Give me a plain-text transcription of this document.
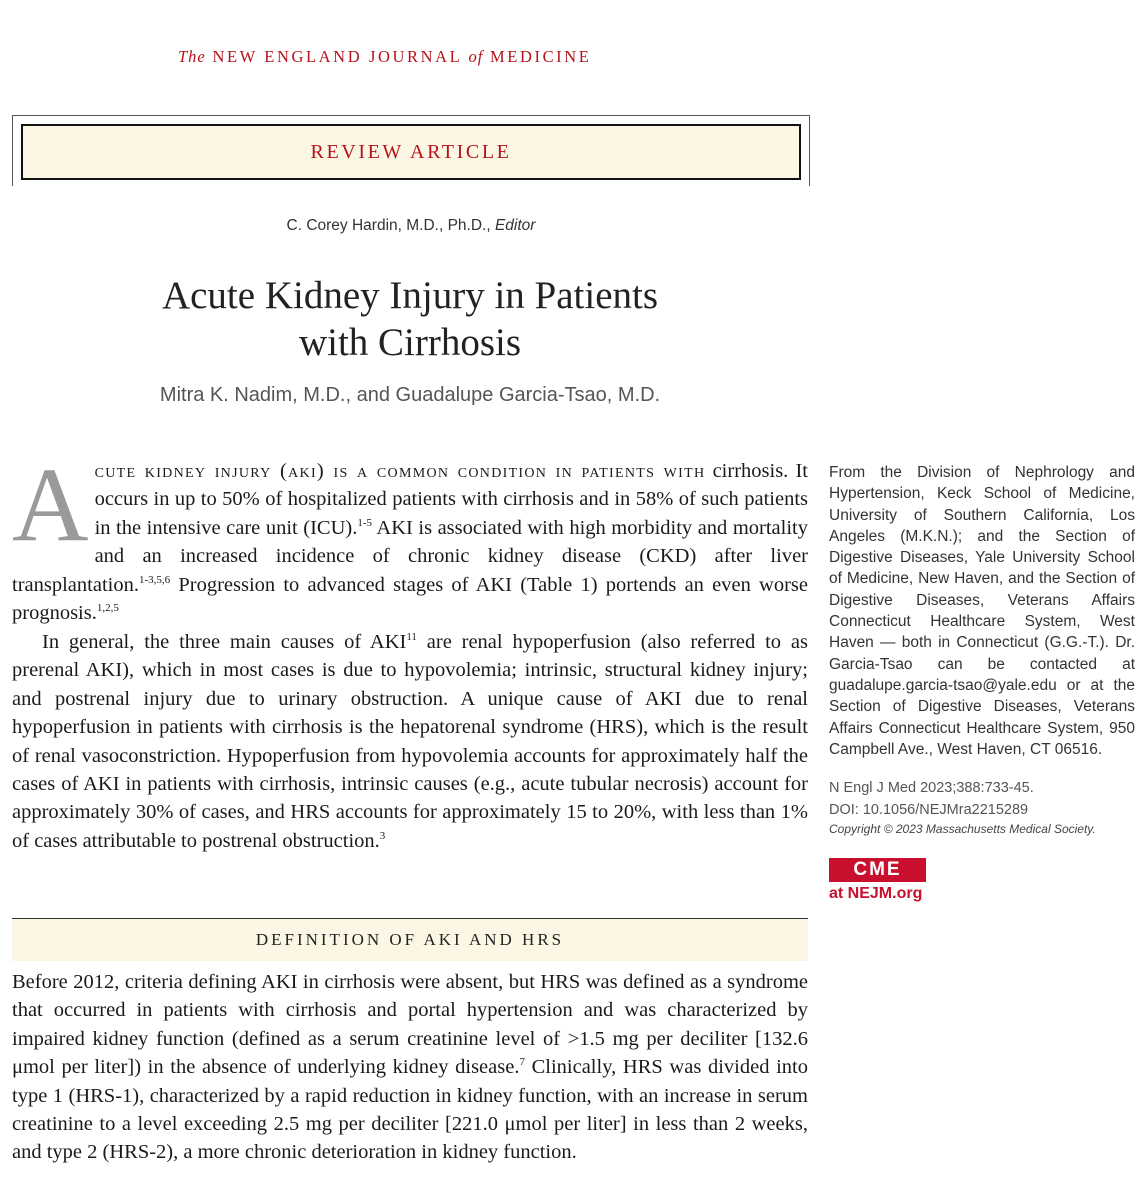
The NEW ENGLAND JOURNAL of MEDICINE
REVIEW ARTICLE
C. Corey Hardin, M.D., Ph.D., Editor
Acute Kidney Injury in Patients
with Cirrhosis
Mitra K. Nadim, M.D., and Guadalupe Garcia-Tsao, M.D.
Acute kidney injury (aki) is a common condition in patients with cirrhosis. It occurs in up to 50% of hospitalized patients with cirrhosis and in 58% of such patients in the intensive care unit (ICU).$^{1-5}$ AKI is associated with high morbidity and mortality and an increased incidence of chronic kidney disease (CKD) after liver transplantation.$^{1-3,5,6}$ Progression to advanced stages of AKI (Table 1) portends an even worse prognosis.$^{1,2,5}$
In general, the three main causes of AKI$^{11}$ are renal hypoperfusion (also referred to as prerenal AKI), which in most cases is due to hypovolemia; intrinsic, structural kidney injury; and postrenal injury due to urinary obstruction. A unique cause of AKI due to renal hypoperfusion in patients with cirrhosis is the hepatorenal syndrome (HRS), which is the result of renal vasoconstriction. Hypoperfusion from hypovolemia accounts for approximately half the cases of AKI in patients with cirrhosis, intrinsic causes (e.g., acute tubular necrosis) account for approximately 30% of cases, and HRS accounts for approximately 15 to 20%, with less than 1% of cases attributable to postrenal obstruction.$^3$
From the Division of Nephrology and Hypertension, Keck School of Medicine, University of Southern California, Los Angeles (M.K.N.); and the Section of Digestive Diseases, Yale University School of Medicine, New Haven, and the Section of Digestive Diseases, Veterans Affairs Connecticut Healthcare System, West Haven — both in Connecticut (G.G.-T.). Dr. Garcia-Tsao can be contacted at guadalupe.garcia-tsao@yale.edu or at the Section of Digestive Diseases, Veterans Affairs Connecticut Healthcare System, 950 Campbell Ave., West Haven, CT 06516.
N Engl J Med 2023;388:733-45.
DOI: 10.1056/NEJMra2215289
Copyright © 2023 Massachusetts Medical Society.
CME
at NEJM.org
DEFINITION OF AKI AND HRS
Before 2012, criteria defining AKI in cirrhosis were absent, but HRS was defined as a syndrome that occurred in patients with cirrhosis and portal hypertension and was characterized by impaired kidney function (defined as a serum creatinine level of >1.5 mg per deciliter [132.6 μmol per liter]) in the absence of underlying kidney disease.$^7$ Clinically, HRS was divided into type 1 (HRS-1), characterized by a rapid reduction in kidney function, with an increase in serum creatinine to a level exceeding 2.5 mg per deciliter [221.0 μmol per liter] in less than 2 weeks, and type 2 (HRS-2), a more chronic deterioration in kidney function.
